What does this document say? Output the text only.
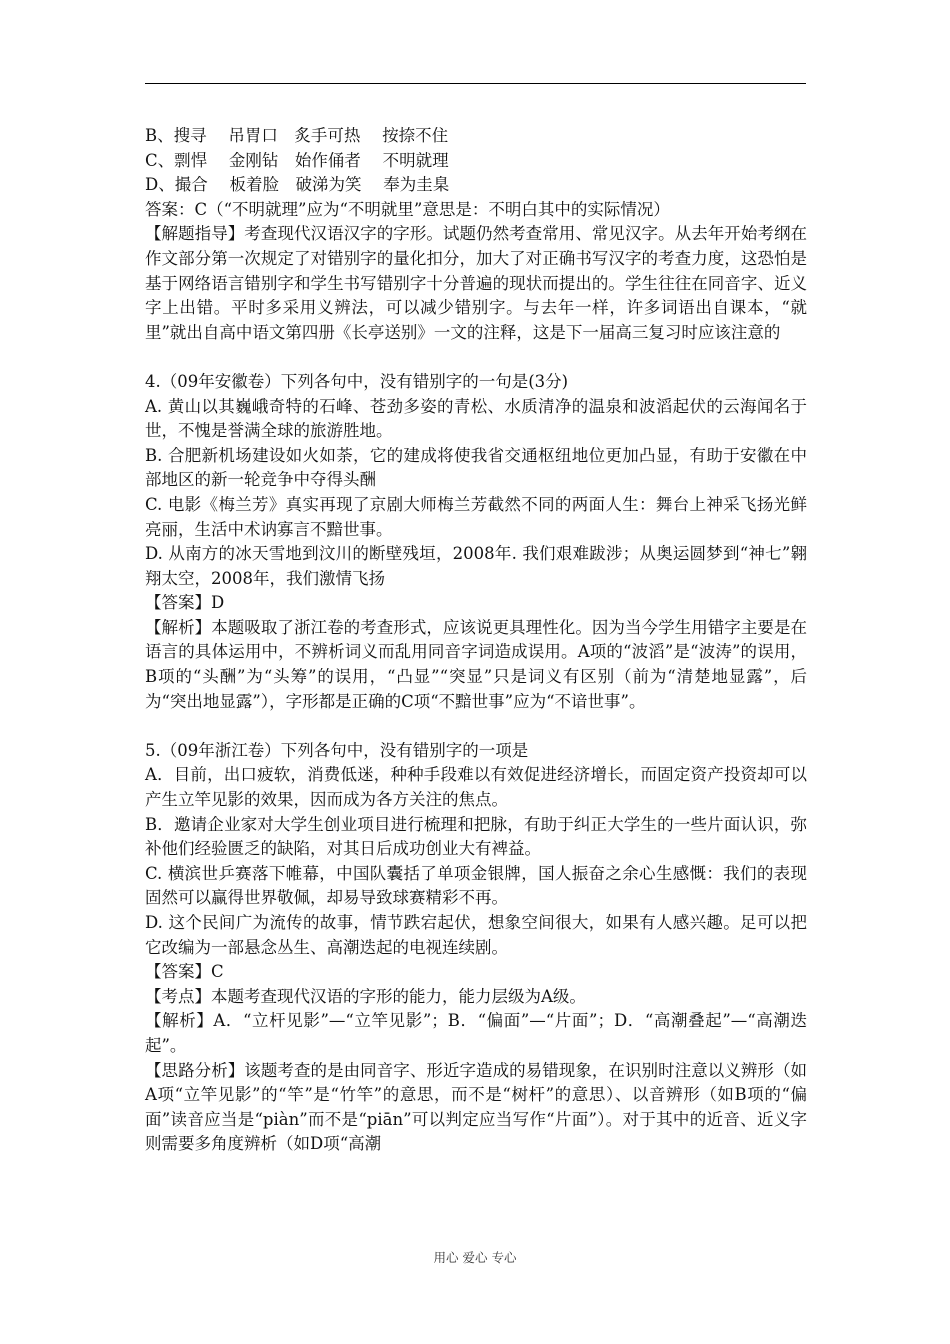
B、搜寻　 吊胃口　炙手可热　 按捺不住

C、剽悍　 金刚钻　始作俑者　 不明就理

D、撮合　 板着脸　破涕为笑　 奉为圭臬

答案：C（“不明就理”应为“不明就里”意思是：不明白其中的实际情况）

【解题指导】考查现代汉语汉字的字形。试题仍然考查常用、常见汉字。从去年开始考纲在作文部分第一次规定了对错别字的量化扣分，加大了对正确书写汉字的考查力度，这恐怕是基于网络语言错别字和学生书写错别字十分普遍的现状而提出的。学生往往在同音字、近义字上出错。平时多采用义辨法，可以减少错别字。与去年一样，许多词语出自课本，“就里”就出自高中语文第四册《长亭送别》一文的注释，这是下一届高三复习时应该注意的

4.（09年安徽卷）下列各句中，没有错别字的一句是(3分)

A. 黄山以其巍峨奇特的石峰、苍劲多姿的青松、水质清净的温泉和波滔起伏的云海闻名于世，不愧是誉满全球的旅游胜地。

B. 合肥新机场建设如火如荼，它的建成将使我省交通枢纽地位更加凸显，有助于安徽在中部地区的新一轮竞争中夺得头酬

C. 电影《梅兰芳》真实再现了京剧大师梅兰芳截然不同的两面人生：舞台上神采飞扬光鲜亮丽，生活中术讷寡言不黯世事。

D. 从南方的冰天雪地到汶川的断壁残垣，2008年. 我们艰难跋涉；从奥运圆梦到“神七”翱翔太空，2008年，我们激情飞扬

【答案】D

【解析】本题吸取了浙江卷的考查形式，应该说更具理性化。因为当今学生用错字主要是在语言的具体运用中，不辨析词义而乱用同音字词造成误用。A项的“波滔”是“波涛”的误用，B项的“头酬”为“头筹”的误用，“凸显”“突显”只是词义有区别（前为“清楚地显露”，后为“突出地显露”），字形都是正确的C项“不黯世事”应为“不谙世事”。

5.（09年浙江卷）下列各句中，没有错别字的一项是

A．目前，出口疲软，消费低迷，种种手段难以有效促进经济增长，而固定资产投资却可以产生立竿见影的效果，因而成为各方关注的焦点。

B．邀请企业家对大学生创业项目进行梳理和把脉，有助于纠正大学生的一些片面认识，弥补他们经验匮乏的缺陷，对其日后成功创业大有裨益。

C. 横滨世乒赛落下帷幕，中国队囊括了单项金银牌，国人振奋之余心生感慨：我们的表现固然可以赢得世界敬佩，却易导致球赛精彩不再。

D. 这个民间广为流传的故事，情节跌宕起伏，想象空间很大，如果有人感兴趣。足可以把它改编为一部悬念丛生、高潮迭起的电视连续剧。

【答案】C

【考点】本题考查现代汉语的字形的能力，能力层级为A级。

【解析】A．“立杆见影”—“立竿见影”；B．“偏面”—“片面”；D．“高潮叠起”—“高潮迭起”。

【思路分析】该题考查的是由同音字、形近字造成的易错现象，在识别时注意以义辨形（如A项“立竿见影”的“竿”是“竹竿”的意思，而不是“树杆”的意思）、以音辨形（如B项的“偏面”读音应当是“piàn”而不是“piān”可以判定应当写作“片面”）。对于其中的近音、近义字则需要多角度辨析（如D项“高潮

用心 爱心 专心
